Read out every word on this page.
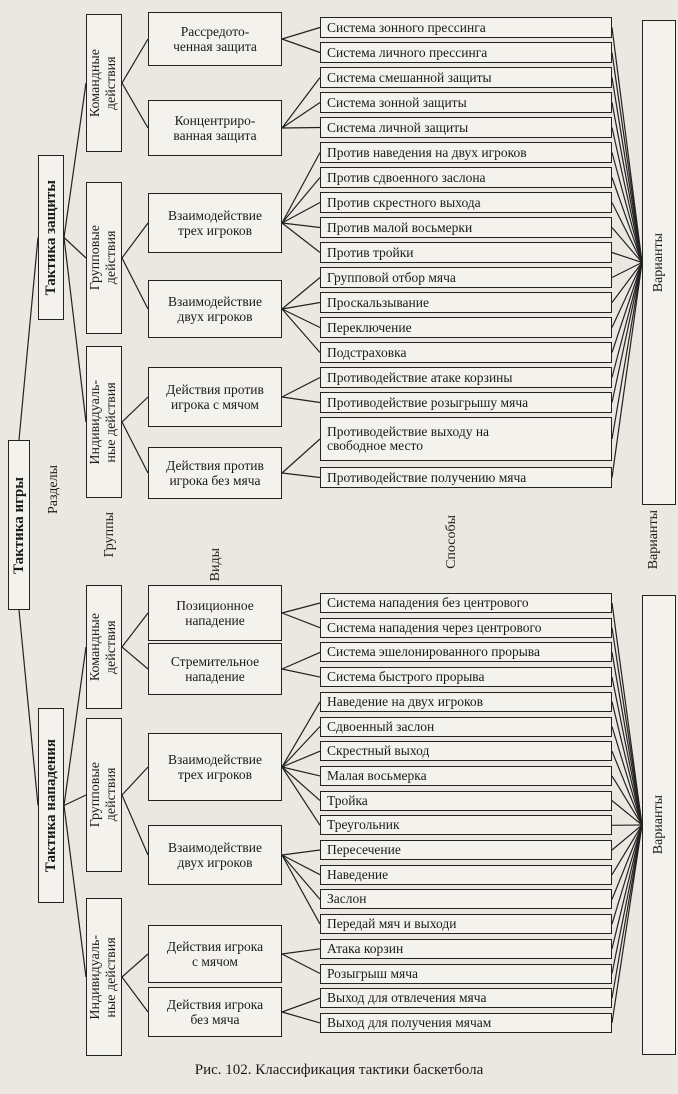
Тактика игры
Тактика защиты	Варианты
Командные
действия
Рассредото-
ченная защита
Система зонного прессинга
Система личного прессинга
Концентриро-
ванная защита
Система смешанной защиты
Система зонной защиты
Система личной защиты
Групповые
действия
Взаимодействие
трех игроков
Против наведения на двух игроков
Против сдвоенного заслона
Против скрестного выхода
Против малой восьмерки
Против тройки
Взаимодействие
двух игроков
Групповой отбор мяча
Проскальзывание
Переключение
Подстраховка
Индивидуаль-
ные действия	Действия против
игрока с мячом
Противодействие атаке корзины
Противодействие розыгрышу мяча
Действия против
игрока без мяча
Противодействие выходу на
свободное место
Противодействие получению мяча
Тактика нападения	Варианты
Командные
действия
Позиционное
нападение
Система нападения без центрового
Система нападения через центрового
Стремительное
нападение
Система эшелонированного прорыва
Система быстрого прорыва
Групповые
действия
Взаимодействие
трех игроков
Наведение на двух игроков
Сдвоенный заслон
Скрестный выход
Малая восьмерка
Тройка
Треугольник
Взаимодействие
двух игроков
Пересечение
Наведение
Заслон
Передай мяч и выходи
Индивидуаль-
ные действия	Действия игрока
с мячом
Атака корзин
Розыгрыш мяча
Действия игрока
без мяча
Выход для отвлечения мяча
Выход для получения мячам
Разделы
Группы
Виды	Способы	Варианты
Рис. 102. Классификация тактики баскетбола
